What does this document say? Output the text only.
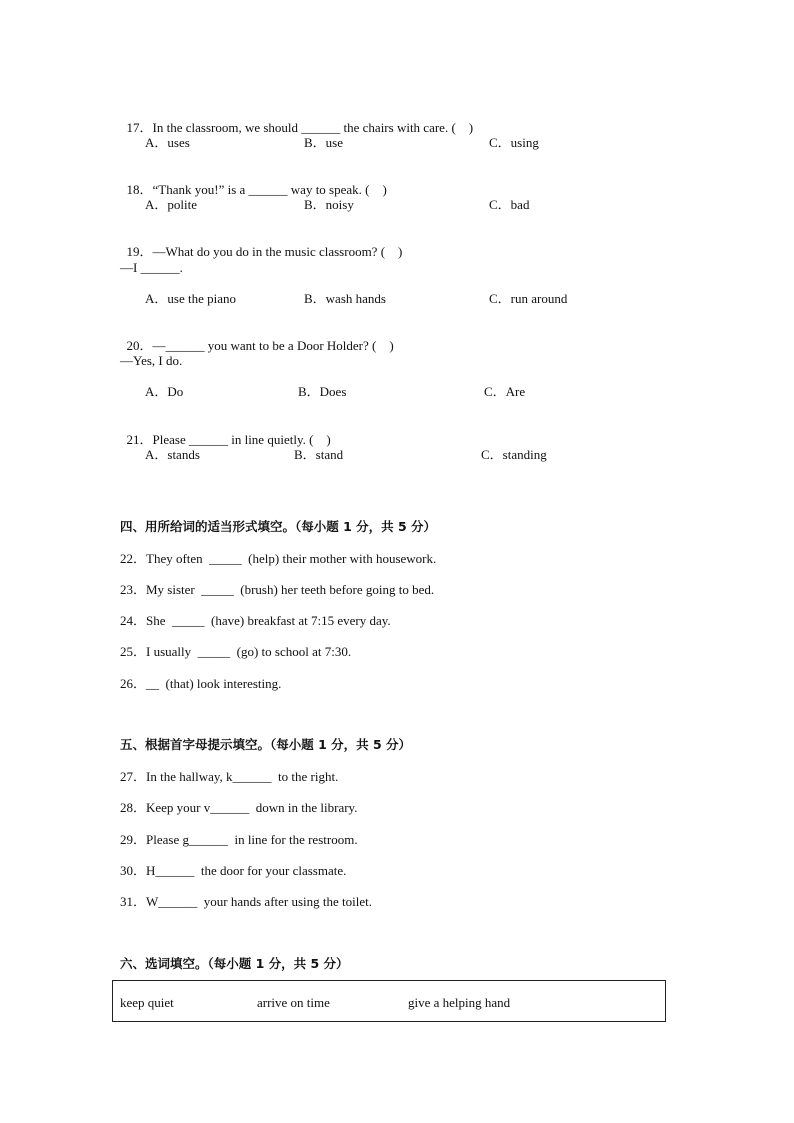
17．In the classroom, we should ______ the chairs with care. (    )

A．uses	B．use	C．using

18．“Thank you!” is a ______ way to speak. (    )

A．polite	B．noisy	C．bad

19．—What do you do in the music classroom? (    )

—I ______.
A．use the piano	B．wash hands	C．run around

20．—______ you want to be a Door Holder? (    )

—Yes, I do.
A．Do	B．Does	C．Are

21．Please ______ in line quietly. (    )

A．stands	B．stand	C．standing
四、用所给词的适当形式填空。（每小题 1 分，共 5 分）
22．They often  _____  (help) their mother with housework.
23．My sister  _____  (brush) her teeth before going to bed.
24．She  _____  (have) breakfast at 7:15 every day.
25．I usually  _____  (go) to school at 7:30.
26．__  (that) look interesting.
五、根据首字母提示填空。（每小题 1 分，共 5 分）
27．In the hallway, k______  to the right.
28．Keep your v______  down in the library.
29．Please g______  in line for the restroom.
30．H______  the door for your classmate.
31．W______  your hands after using the toilet.
六、选词填空。（每小题 1 分，共 5 分）
keep quiet	arrive on time	give a helping hand
